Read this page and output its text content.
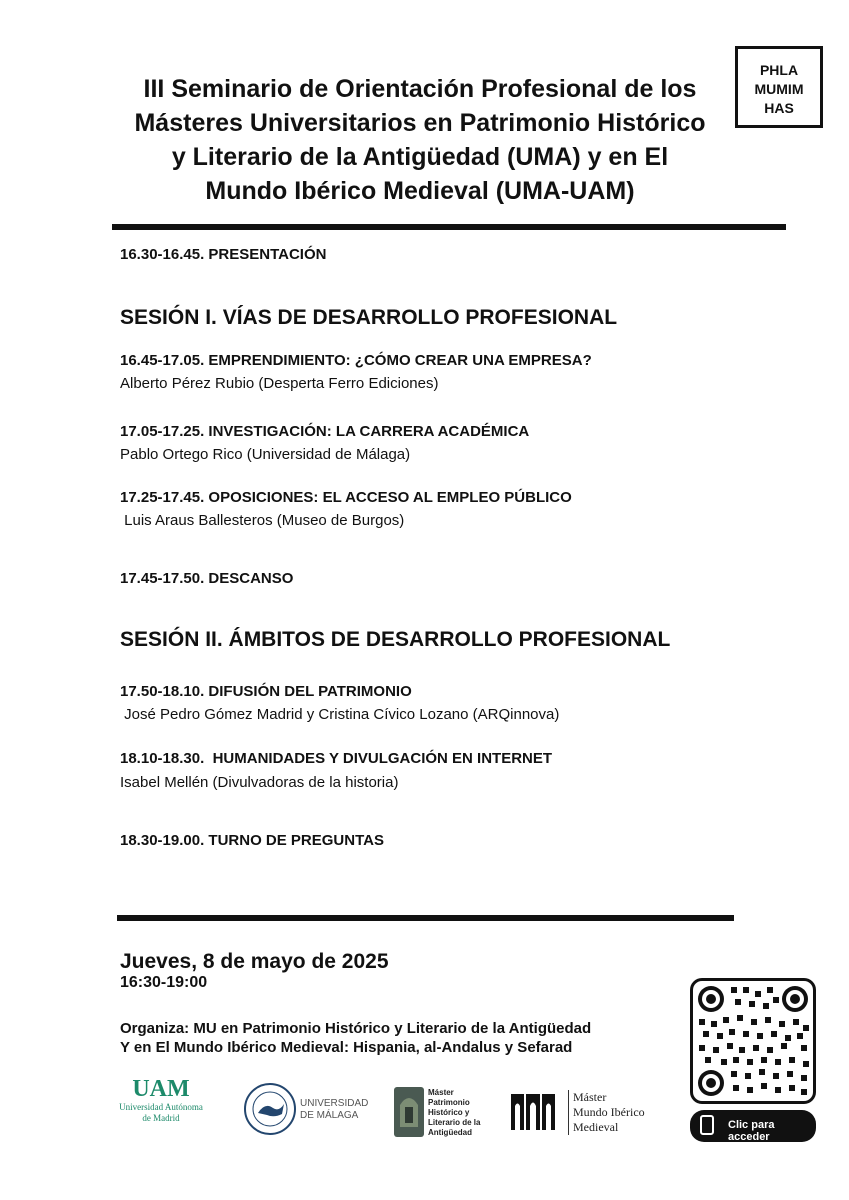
III Seminario de Orientación Profesional de los
Másteres Universitarios en Patrimonio Histórico
y Literario de la Antigüedad (UMA) y en El
Mundo Ibérico Medieval (UMA-UAM)
PHLA
MUMIM
HAS
16.30-16.45. PRESENTACIÓN
SESIÓN I. VÍAS DE DESARROLLO PROFESIONAL
16.45-17.05. EMPRENDIMIENTO: ¿CÓMO CREAR UNA EMPRESA?
Alberto Pérez Rubio (Desperta Ferro Ediciones)
17.05-17.25. INVESTIGACIÓN: LA CARRERA ACADÉMICA
Pablo Ortego Rico (Universidad de Málaga)
17.25-17.45. OPOSICIONES: EL ACCESO AL EMPLEO PÚBLICO
Luis Araus Ballesteros (Museo de Burgos)
17.45-17.50. DESCANSO
SESIÓN II. ÁMBITOS DE DESARROLLO PROFESIONAL
17.50-18.10. DIFUSIÓN DEL PATRIMONIO
José Pedro Gómez Madrid y Cristina Cívico Lozano (ARQinnova)
18.10-18.30.  HUMANIDADES Y DIVULGACIÓN EN INTERNET
Isabel Mellén (Divulvadoras de la historia)
18.30-19.00. TURNO DE PREGUNTAS
Jueves, 8 de mayo de 2025
16:30-19:00
Organiza: MU en Patrimonio Histórico y Literario de la Antigüedad
Y en El Mundo Ibérico Medieval: Hispania, al-Andalus y Sefarad
Clic para acceder
UAM
Universidad Autónoma
de Madrid
UNIVERSIDAD
DE MÁLAGA
Máster
Patrimonio
Histórico y
Literario de la
Antigüedad
Máster
Mundo Ibérico
Medieval
